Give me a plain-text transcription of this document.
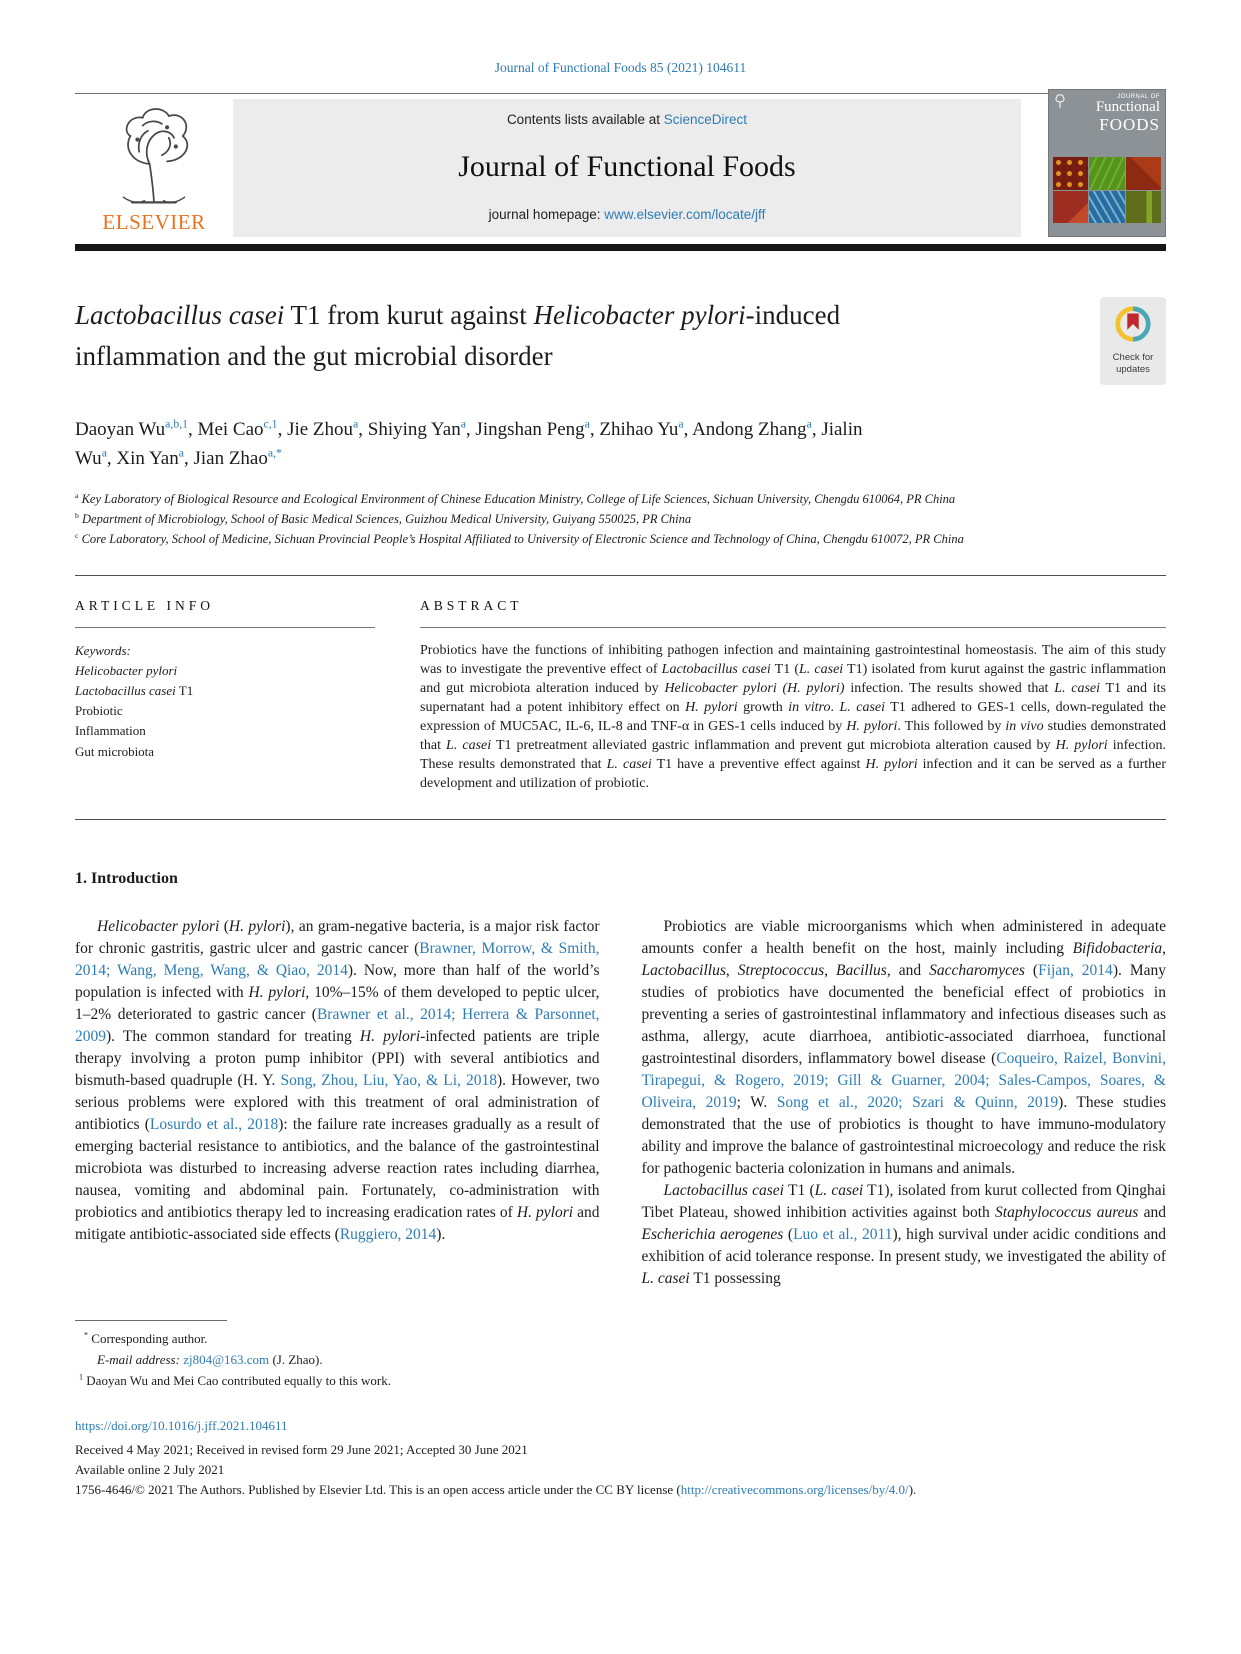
Journal of Functional Foods 85 (2021) 104611
ELSEVIER
Contents lists available at ScienceDirect
Journal of Functional Foods
journal homepage: www.elsevier.com/locate/jff
JOURNAL OF
Functional
FOODS
Lactobacillus casei T1 from kurut against Helicobacter pylori-induced inflammation and the gut microbial disorder	Check for
updates
Daoyan Wu$^{a,b,1}$, Mei Cao$^{c,1}$, Jie Zhou$^a$, Shiying Yan$^a$, Jingshan Peng$^a$, Zhihao Yu$^a$, Andong Zhang$^a$, Jialin Wu$^a$, Xin Yan$^a$, Jian Zhao$^{a,*}$
$^a$ Key Laboratory of Biological Resource and Ecological Environment of Chinese Education Ministry, College of Life Sciences, Sichuan University, Chengdu 610064, PR China
$^b$ Department of Microbiology, School of Basic Medical Sciences, Guizhou Medical University, Guiyang 550025, PR China
$^c$ Core Laboratory, School of Medicine, Sichuan Provincial People’s Hospital Affiliated to University of Electronic Science and Technology of China, Chengdu 610072, PR China
ARTICLE INFO
Keywords:
Helicobacter pylori
Lactobacillus casei T1
Probiotic
Inflammation
Gut microbiota
ABSTRACT

Probiotics have the functions of inhibiting pathogen infection and maintaining gastrointestinal homeostasis. The aim of this study was to investigate the preventive effect of Lactobacillus casei T1 (L. casei T1) isolated from kurut against the gastric inflammation and gut microbiota alteration induced by Helicobacter pylori (H. pylori) infection. The results showed that L. casei T1 and its supernatant had a potent inhibitory effect on H. pylori growth in vitro. L. casei T1 adhered to GES-1 cells, down-regulated the expression of MUC5AC, IL-6, IL-8 and TNF-α in GES-1 cells induced by H. pylori. This followed by in vivo studies demonstrated that L. casei T1 pretreatment alleviated gastric inflammation and prevent gut microbiota alteration caused by H. pylori infection. These results demonstrated that L. casei T1 have a preventive effect against H. pylori infection and it can be served as a further development and utilization of probiotic.

1. Introduction

Helicobacter pylori (H. pylori), an gram-negative bacteria, is a major risk factor for chronic gastritis, gastric ulcer and gastric cancer (Brawner, Morrow, & Smith, 2014; Wang, Meng, Wang, & Qiao, 2014). Now, more than half of the world’s population is infected with H. pylori, 10%–15% of them developed to peptic ulcer, 1–2% deteriorated to gastric cancer (Brawner et al., 2014; Herrera & Parsonnet, 2009). The common standard for treating H. pylori-infected patients are triple therapy involving a proton pump inhibitor (PPI) with several antibiotics and bismuth-based quadruple (H. Y. Song, Zhou, Liu, Yao, & Li, 2018). However, two serious problems were explored with this treatment of oral administration of antibiotics (Losurdo et al., 2018): the failure rate increases gradually as a result of emerging bacterial resistance to antibiotics, and the balance of the gastrointestinal microbiota was disturbed to increasing adverse reaction rates including diarrhea, nausea, vomiting and abdominal pain. Fortunately, co-administration with probiotics and antibiotics therapy led to increasing eradication rates of H. pylori and mitigate antibiotic-associated side effects (Ruggiero, 2014).

Probiotics are viable microorganisms which when administered in adequate amounts confer a health benefit on the host, mainly including Bifidobacteria, Lactobacillus, Streptococcus, Bacillus, and Saccharomyces (Fijan, 2014). Many studies of probiotics have documented the beneficial effect of probiotics in preventing a series of gastrointestinal inflammatory and infectious diseases such as asthma, allergy, acute diarrhoea, antibiotic-associated diarrhoea, functional gastrointestinal disorders, inflammatory bowel disease (Coqueiro, Raizel, Bonvini, Tirapegui, & Rogero, 2019; Gill & Guarner, 2004; Sales-Campos, Soares, & Oliveira, 2019; W. Song et al., 2020; Szari & Quinn, 2019). These studies demonstrated that the use of probiotics is thought to have immuno-modulatory ability and improve the balance of gastrointestinal microecology and reduce the risk for pathogenic bacteria colonization in humans and animals.

Lactobacillus casei T1 (L. casei T1), isolated from kurut collected from Qinghai Tibet Plateau, showed inhibition activities against both Staphylococcus aureus and Escherichia aerogenes (Luo et al., 2011), high survival under acidic conditions and exhibition of acid tolerance response. In present study, we investigated the ability of L. casei T1 possessing

* Corresponding author.
E-mail address: zj804@163.com (J. Zhao).
$^1$ Daoyan Wu and Mei Cao contributed equally to this work.
https://doi.org/10.1016/j.jff.2021.104611
Received 4 May 2021; Received in revised form 29 June 2021; Accepted 30 June 2021
Available online 2 July 2021
1756-4646/© 2021 The Authors. Published by Elsevier Ltd. This is an open access article under the CC BY license (http://creativecommons.org/licenses/by/4.0/).
